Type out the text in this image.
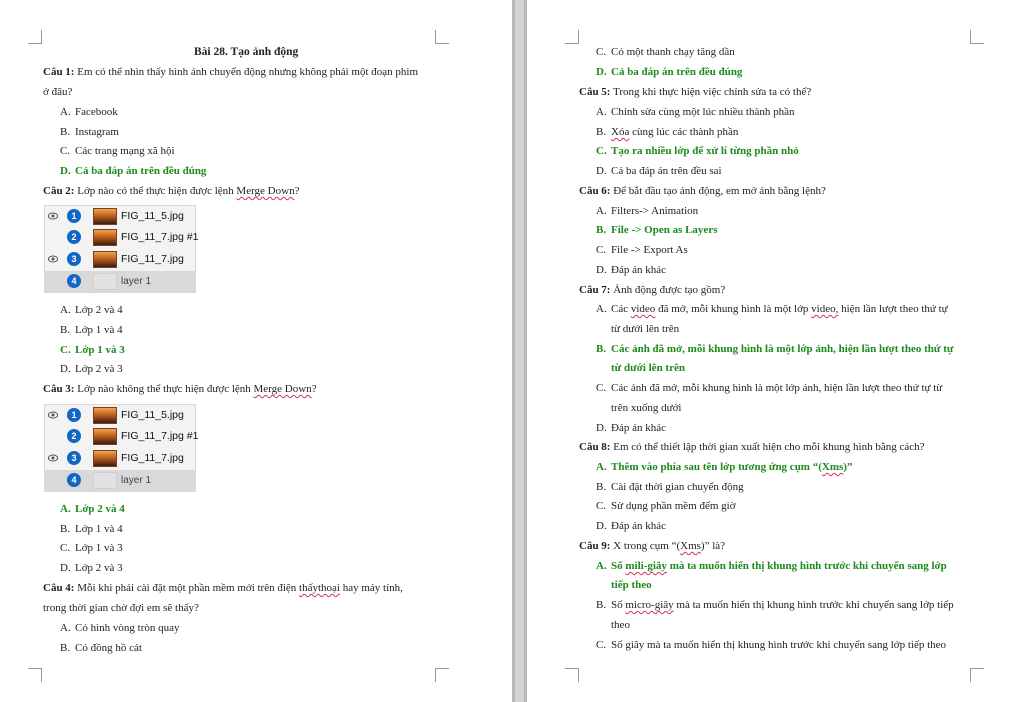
Bài 28. Tạo ảnh động
Câu 1: Em có thể nhìn thấy hình ảnh chuyển động nhưng không phải một đoạn phim
ở đâu?
A. Facebook
B. Instagram
C. Các trang mạng xã hội
D. Cả ba đáp án trên đều đúng
Câu 2: Lớp nào có thể thực hiện được lệnh Merge Down?
1	FIG_11_5.jpg
2	FIG_11_7.jpg #1
3	FIG_11_7.jpg
4	layer 1
A. Lớp 2 và 4
B. Lớp 1 và 4
C. Lớp 1 và 3
D. Lớp 2 và 3
Câu 3: Lớp nào không thể thực hiện được lệnh Merge Down?
1	FIG_11_5.jpg
2	FIG_11_7.jpg #1
3	FIG_11_7.jpg
4	layer 1
A. Lớp 2 và 4
B. Lớp 1 và 4
C. Lớp 1 và 3
D. Lớp 2 và 3
Câu 4: Mỗi khi phải cài đặt một phần mềm mới trên điện thấythoại hay máy tính,
trong thời gian chờ đợi em sẽ thấy?
A. Có hình vòng tròn quay
B. Có đồng hồ cát
C. Có một thanh chạy tăng dần
D. Cả ba đáp án trên đều đúng
Câu 5: Trong khi thực hiện việc chỉnh sửa ta có thể?
A. Chỉnh sửa cùng một lúc nhiều thành phần
B. Xóa cùng lúc các thành phần
C. Tạo ra nhiều lớp để xử lí từng phần nhỏ
D. Cả ba đáp án trên đều sai
Câu 6: Để bắt đầu tạo ảnh động, em mở ảnh bằng lệnh?
A. Filters-> Animation
B. File -> Open as Layers
C. File -> Export As
D. Đáp án khác
Câu 7: Ảnh động được tạo gồm?
A. Các video đã mở, mỗi khung hình là một lớp video, hiện lần lượt theo thứ tự
từ dưới lên trên
B. Các ảnh đã mở, mỗi khung hình là một lớp ảnh, hiện lần lượt theo thứ tự
từ dưới lên trên
C. Các ảnh đã mở, mỗi khung hình là một lớp ảnh, hiện lần lượt theo thứ tự từ
trên xuống dưới
D. Đáp án khác
Câu 8: Em có thể thiết lập thời gian xuất hiện cho mỗi khung hình bằng cách?
A. Thêm vào phía sau tên lớp tương ứng cụm “(Xms)”
B. Cài đặt thời gian chuyển động
C. Sử dụng phần mềm đếm giờ
D. Đáp án khác
Câu 9: X trong cụm “(Xms)” là?
A. Số mili-giây mà ta muốn hiển thị khung hình trước khi chuyển sang lớp
tiếp theo
B. Số micro-giây mà ta muốn hiển thị khung hình trước khi chuyển sang lớp tiếp
theo
C. Số giây mà ta muốn hiển thị khung hình trước khi chuyển sang lớp tiếp theo
